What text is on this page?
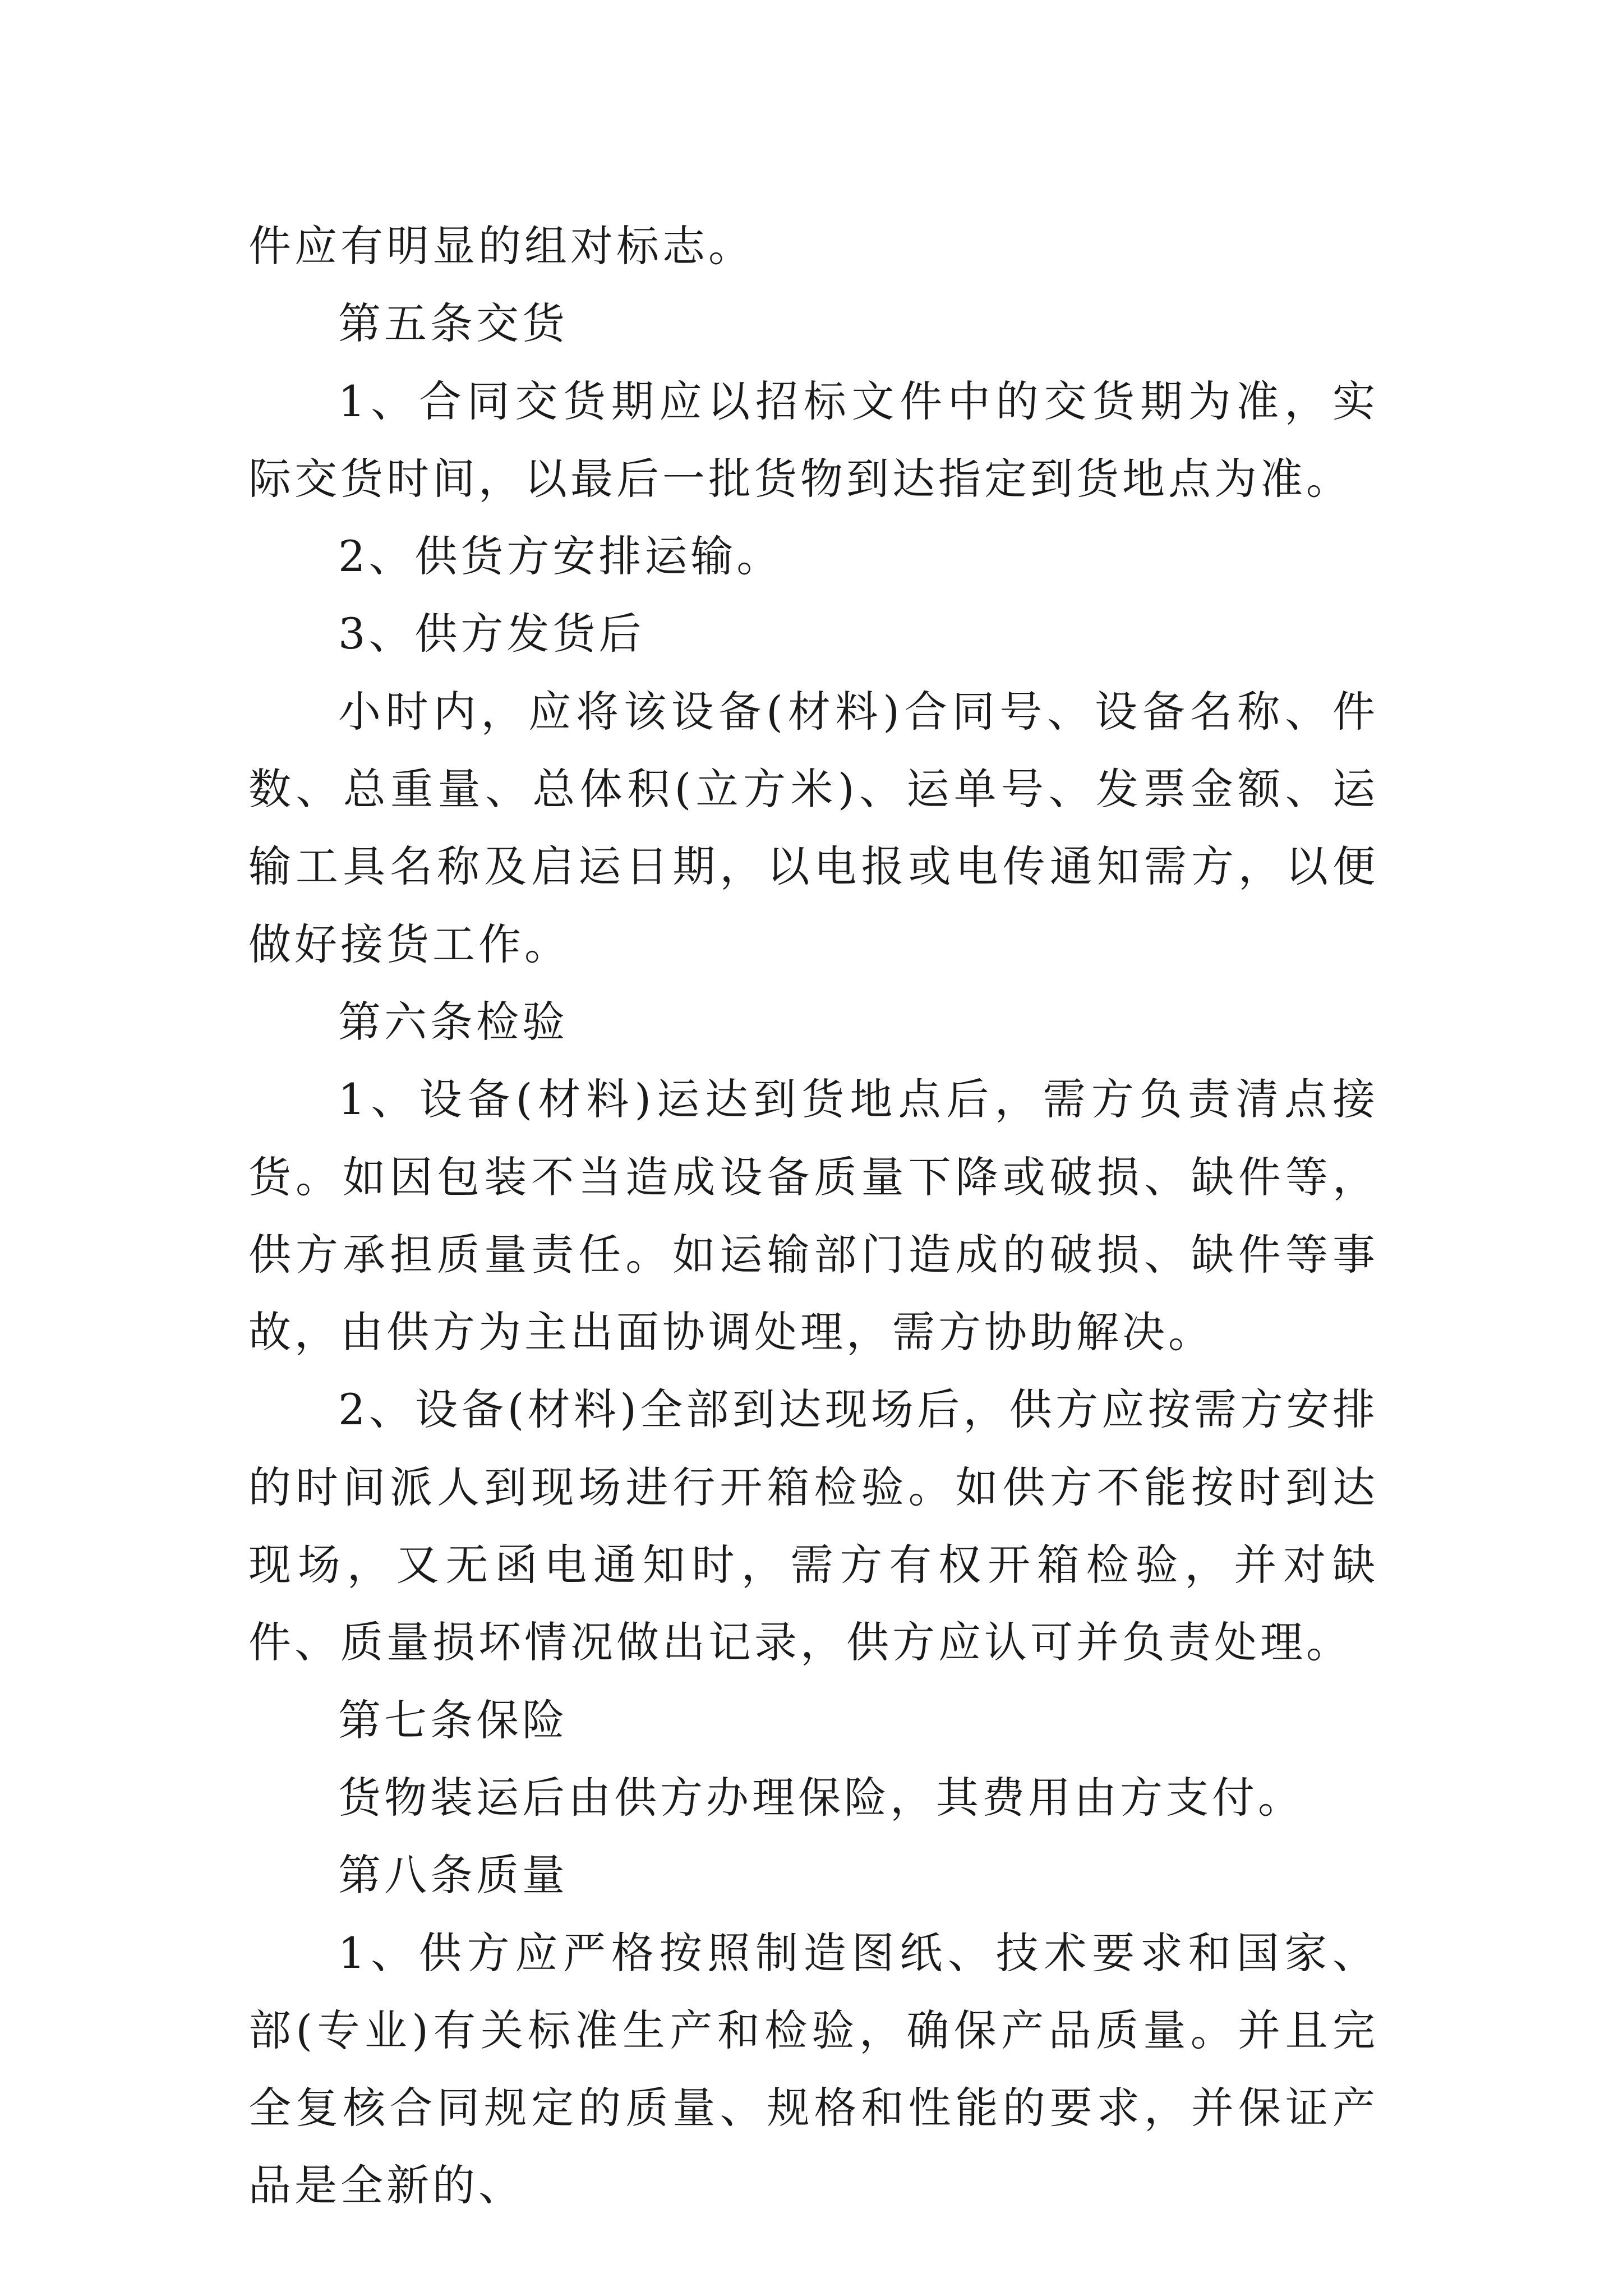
件应有明显的组对标志。

第五条交货

1、合同交货期应以招标文件中的交货期为准，实际交货时间，以最后一批货物到达指定到货地点为准。

2、供货方安排运输。

3、供方发货后

小时内，应将该设备(材料)合同号、设备名称、件数、总重量、总体积(立方米)、运单号、发票金额、运输工具名称及启运日期，以电报或电传通知需方，以便做好接货工作。

第六条检验

1、设备(材料)运达到货地点后，需方负责清点接货。如因包装不当造成设备质量下降或破损、缺件等，供方承担质量责任。如运输部门造成的破损、缺件等事故，由供方为主出面协调处理，需方协助解决。

2、设备(材料)全部到达现场后，供方应按需方安排的时间派人到现场进行开箱检验。如供方不能按时到达现场，又无函电通知时，需方有权开箱检验，并对缺件、质量损坏情况做出记录，供方应认可并负责处理。

第七条保险

货物装运后由供方办理保险，其费用由方支付。

第八条质量

1、供方应严格按照制造图纸、技术要求和国家、部(专业)有关标准生产和检验，确保产品质量。并且完全复核合同规定的质量、规格和性能的要求，并保证产品是全新的、
